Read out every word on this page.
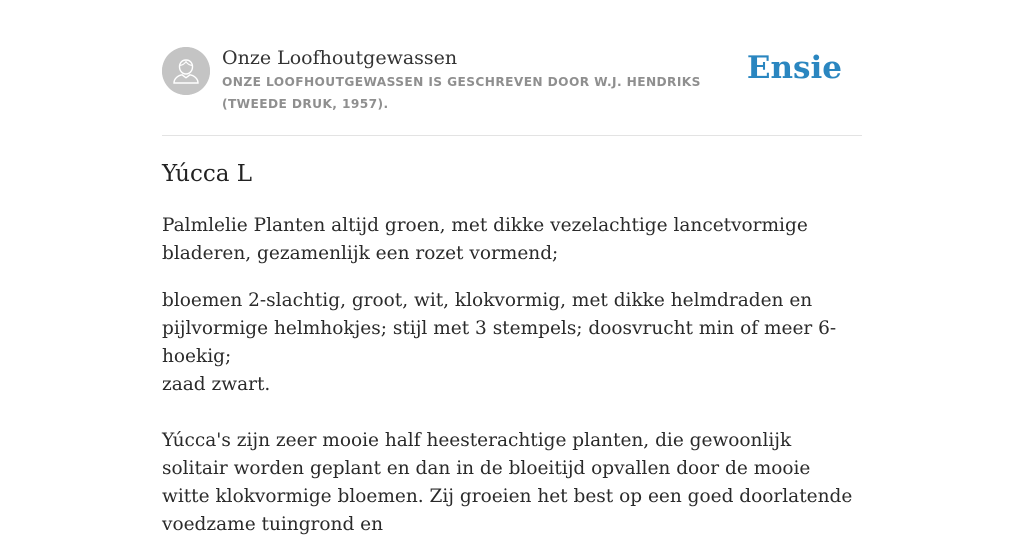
Onze Loofhoutgewassen
ONZE LOOFHOUTGEWASSEN IS GESCHREVEN DOOR W.J. HENDRIKS (TWEEDE DRUK, 1957).
Ensie
Yúcca L
Palmlelie Planten altijd groen, met dikke vezelachtige lancetvormige bladeren, gezamenlijk een rozet vormend;
bloemen 2-slachtig, groot, wit, klokvormig, met dikke helmdraden en pijlvormige helmhokjes; stijl met 3 stempels; doosvrucht min of meer 6-hoekig;
zaad zwart.
Yúcca's zijn zeer mooie half heesterachtige planten, die gewoonlijk solitair worden geplant en dan in de bloeitijd opvallen door de mooie witte klokvormige bloemen. Zij groeien het best op een goed doorlatende voedzame tuingrond en
